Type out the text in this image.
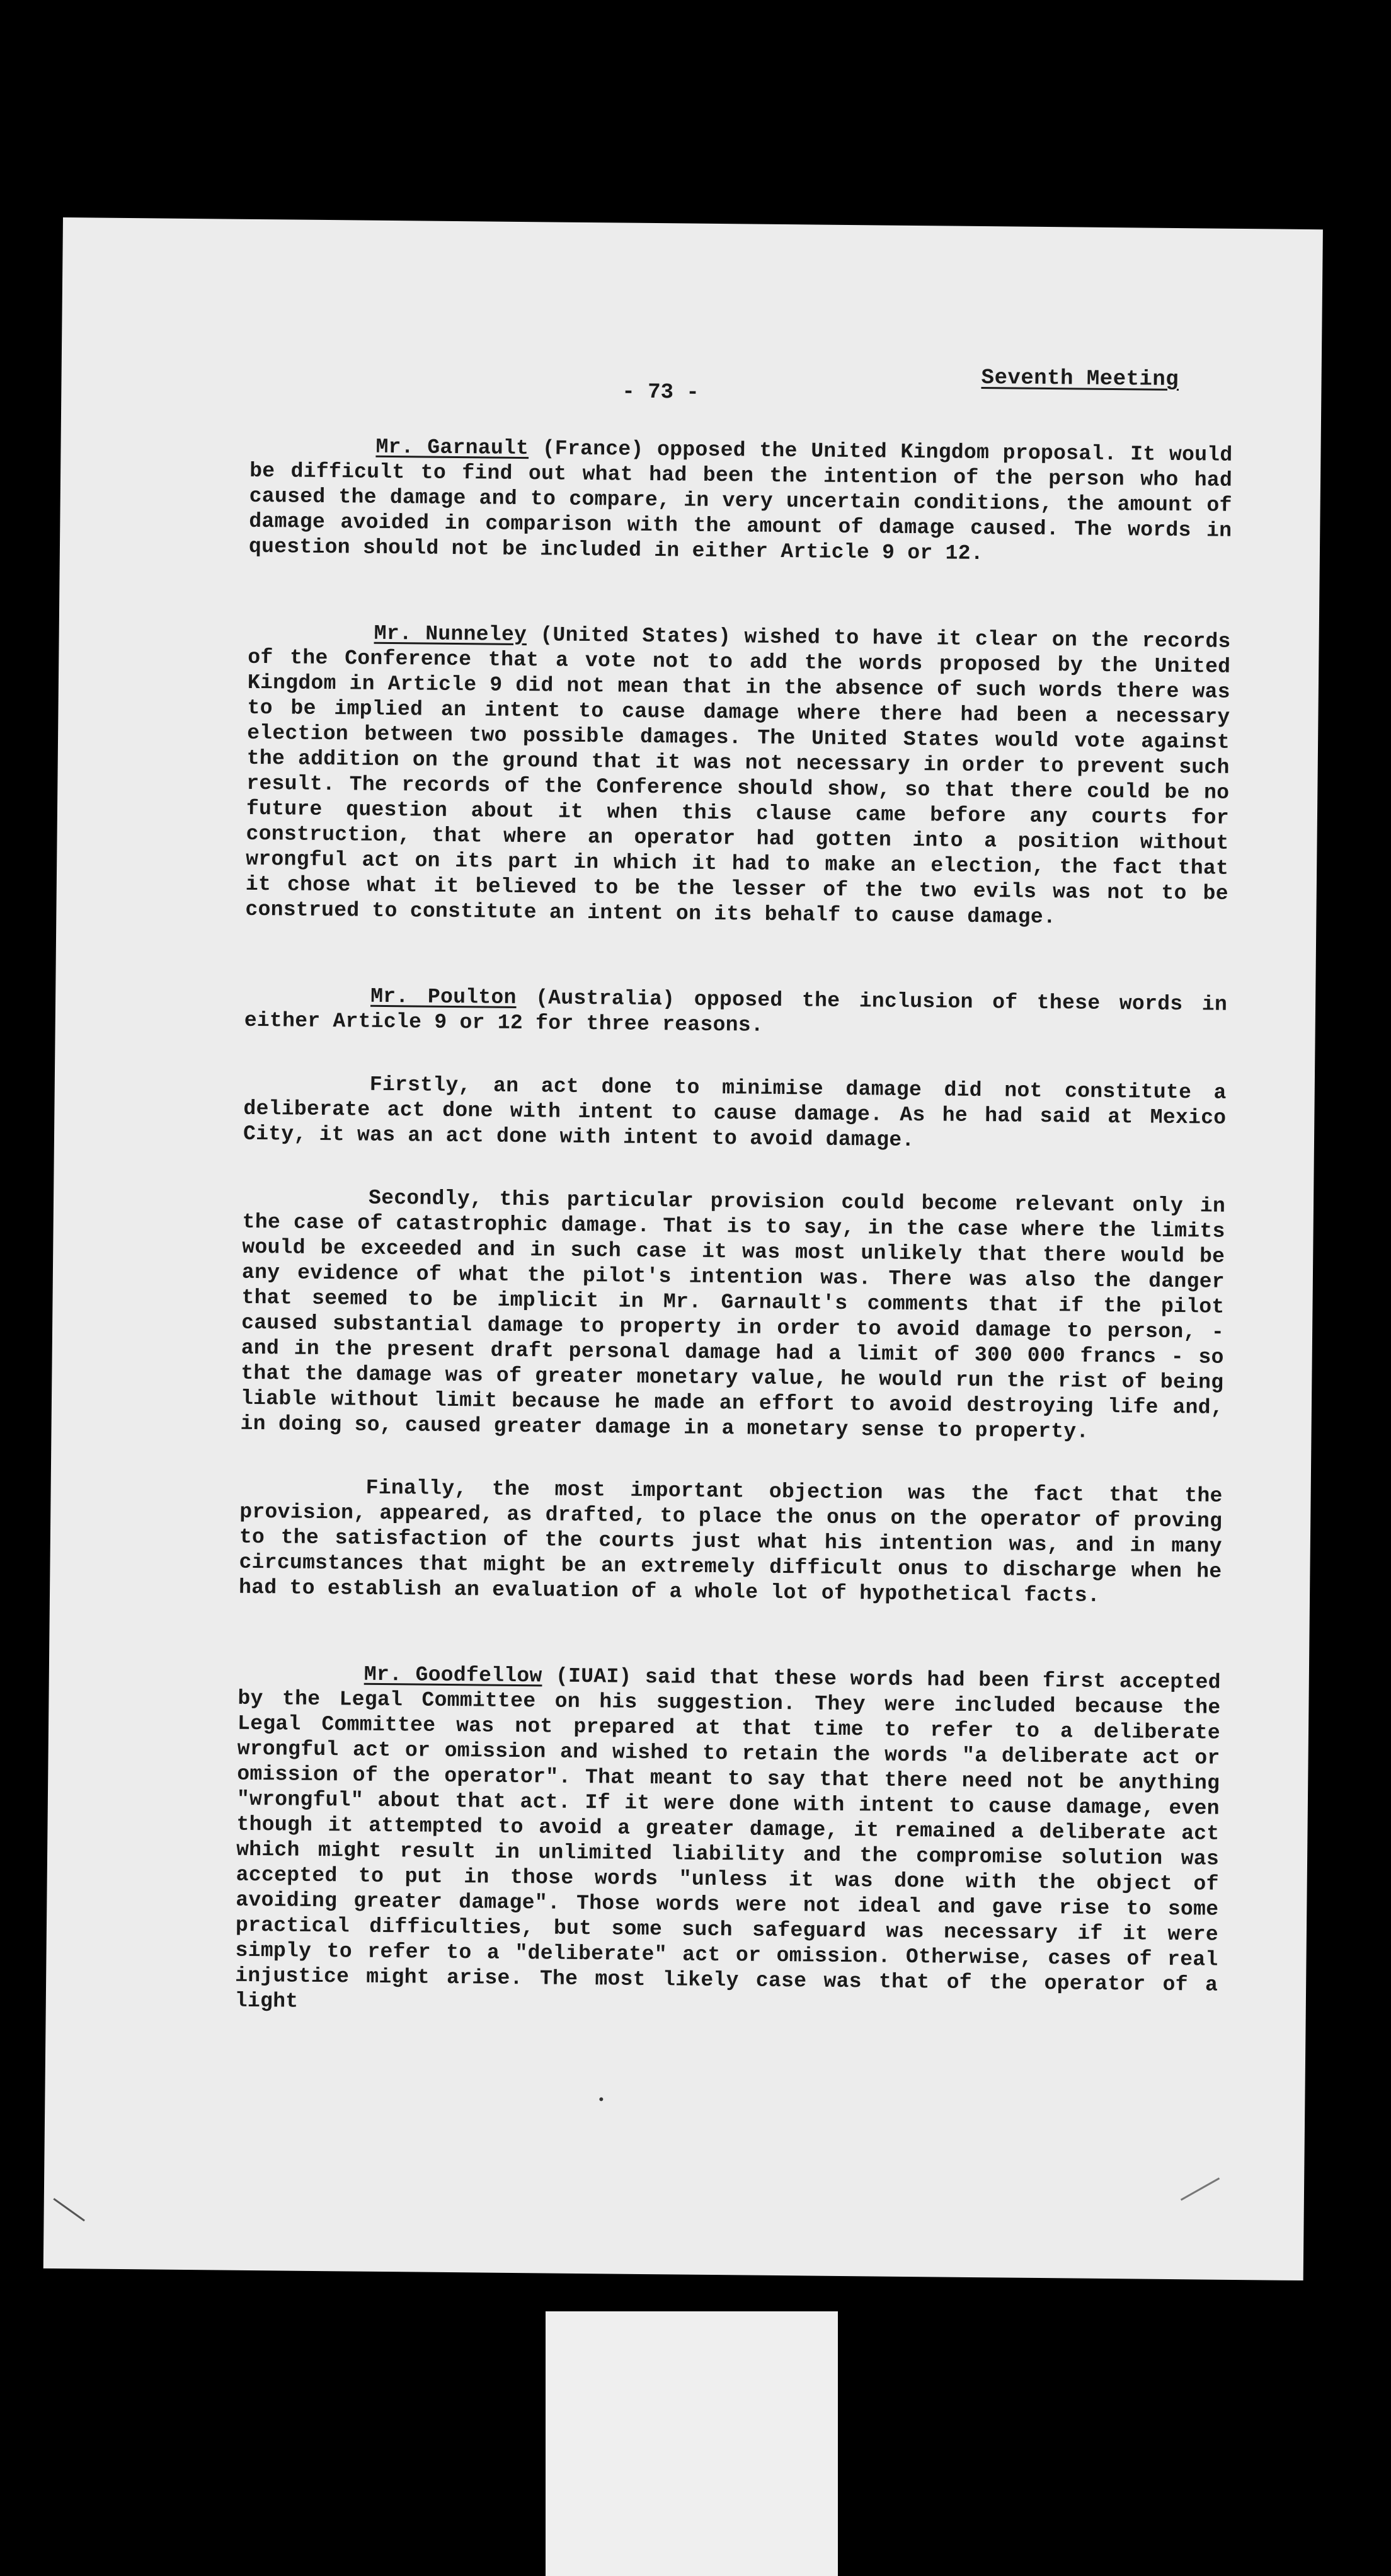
Seventh Meeting
- 73 -

Mr. Garnault (France) opposed the United Kingdom proposal. It would be difficult to find out what had been the intention of the person who had caused the damage and to compare, in very uncertain conditions, the amount of damage avoided in comparison with the amount of damage caused. The words in question should not be included in either Article 9 or 12.

Mr. Nunneley (United States) wished to have it clear on the records of the Conference that a vote not to add the words proposed by the United Kingdom in Article 9 did not mean that in the absence of such words there was to be implied an intent to cause damage where there had been a necessary election between two possible damages. The United States would vote against the addition on the ground that it was not necessary in order to prevent such result. The records of the Conference should show, so that there could be no future question about it when this clause came before any courts for construction, that where an operator had gotten into a position without wrongful act on its part in which it had to make an election, the fact that it chose what it believed to be the lesser of the two evils was not to be construed to constitute an intent on its behalf to cause damage.

Mr. Poulton (Australia) opposed the inclusion of these words in either Article 9 or 12 for three reasons.

Firstly, an act done to minimise damage did not constitute a deliberate act done with intent to cause damage. As he had said at Mexico City, it was an act done with intent to avoid damage.

Secondly, this particular provision could become relevant only in the case of catastrophic damage. That is to say, in the case where the limits would be exceeded and in such case it was most unlikely that there would be any evidence of what the pilot's intention was. There was also the danger that seemed to be implicit in Mr. Garnault's comments that if the pilot caused substantial damage to property in order to avoid damage to person, - and in the present draft personal damage had a limit of 300 000 francs - so that the damage was of greater monetary value, he would run the rist of being liable without limit because he made an effort to avoid destroying life and, in doing so, caused greater damage in a monetary sense to property.

Finally, the most important objection was the fact that the provision, appeared, as drafted, to place the onus on the operator of proving to the satisfaction of the courts just what his intention was, and in many circumstances that might be an extremely difficult onus to discharge when he had to establish an evaluation of a whole lot of hypothetical facts.

Mr. Goodfellow (IUAI) said that these words had been first accepted by the Legal Committee on his suggestion. They were included because the Legal Committee was not prepared at that time to refer to a deliberate wrongful act or omission and wished to retain the words "a deliberate act or omission of the operator". That meant to say that there need not be anything "wrongful" about that act. If it were done with intent to cause damage, even though it attempted to avoid a greater damage, it remained a deliberate act which might result in unlimited liability and the compromise solution was accepted to put in those words "unless it was done with the object of avoiding greater damage". Those words were not ideal and gave rise to some practical difficulties, but some such safeguard was necessary if it were simply to refer to a "deliberate" act or omission. Otherwise, cases of real injustice might arise. The most likely case was that of the operator of a light
